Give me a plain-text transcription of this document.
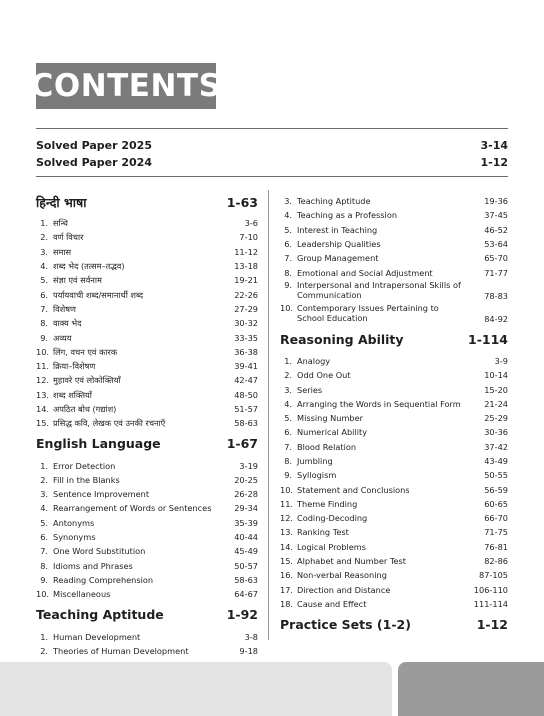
CONTENTS
Solved Paper 2025	3-14
Solved Paper 2024	1-12
हिन्दी भाषा	1-63
1. सन्धि	3-6
2. वर्ण विचार	7-10
3. समास	11-12
4. शब्द भेद (तत्सम–तद्भव)	13-18
5. संज्ञा एवं सर्वनाम	19-21
6. पर्यायवाची शब्द/समानार्थी शब्द	22-26
7. विशेषण	27-29
8. वाक्य भेद	30-32
9. अव्यय	33-35
10. लिंग, वचन एवं कारक	36-38
11. क्रिया–विशेषण	39-41
12. मुहावरे एवं लोकोक्तियाँ	42-47
13. शब्द शक्तियाँ	48-50
14. अपठित बोध (गद्यांश)	51-57
15. प्रसिद्ध कवि, लेखक एवं उनकी रचनाएँ	58-63
English Language	1-67
1. Error Detection	3-19
2. Fill in the Blanks	20-25
3. Sentence Improvement	26-28
4. Rearrangement of Words or Sentences	29-34
5. Antonyms	35-39
6. Synonyms	40-44
7. One Word Substitution	45-49
8. Idioms and Phrases	50-57
9. Reading Comprehension	58-63
10. Miscellaneous	64-67
Teaching Aptitude	1-92
1. Human Development	3-8
2. Theories of Human Development	9-18
3. Teaching Aptitude	19-36
4. Teaching as a Profession	37-45
5. Interest in Teaching	46-52
6. Leadership Qualities	53-64
7. Group Management	65-70
8. Emotional and Social Adjustment	71-77
9. Interpersonal and Intrapersonal Skills of Communication	78-83
10. Contemporary Issues Pertaining to School Education	84-92
Reasoning Ability	1-114
1. Analogy	3-9
2. Odd One Out	10-14
3. Series	15-20
4. Arranging the Words in Sequential Form	21-24
5. Missing Number	25-29
6. Numerical Ability	30-36
7. Blood Relation	37-42
8. Jumbling	43-49
9. Syllogism	50-55
10. Statement and Conclusions	56-59
11. Theme Finding	60-65
12. Coding-Decoding	66-70
13. Ranking Test	71-75
14. Logical Problems	76-81
15. Alphabet and Number Test	82-86
16. Non-verbal Reasoning	87-105
17. Direction and Distance	106-110
18. Cause and Effect	111-114
Practice Sets (1-2)	1-12
